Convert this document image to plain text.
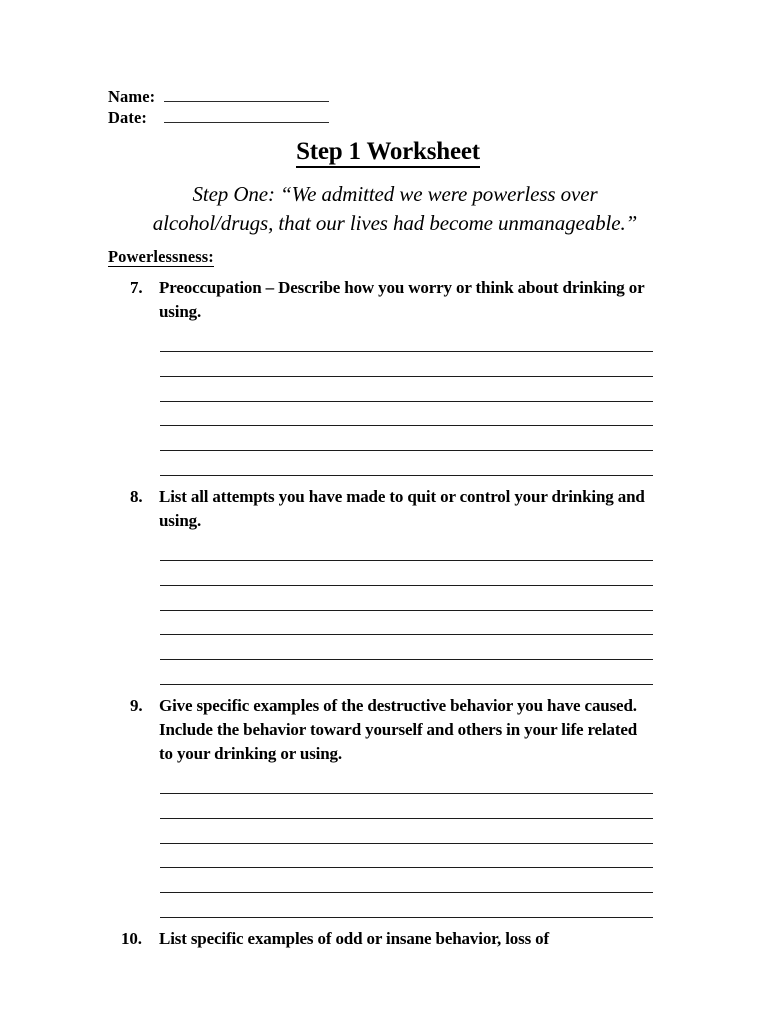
Name:
Date:
Step 1 Worksheet
Step One: “We admitted we were powerless over alcohol/drugs, that our lives had become unmanageable.”
Powerlessness:
7. Preoccupation – Describe how you worry or think about drinking or using.
8. List all attempts you have made to quit or control your drinking and using.
9. Give specific examples of the destructive behavior you have caused. Include the behavior toward yourself and others in your life related to your drinking or using.
10.	List specific examples of odd or insane behavior, loss of
